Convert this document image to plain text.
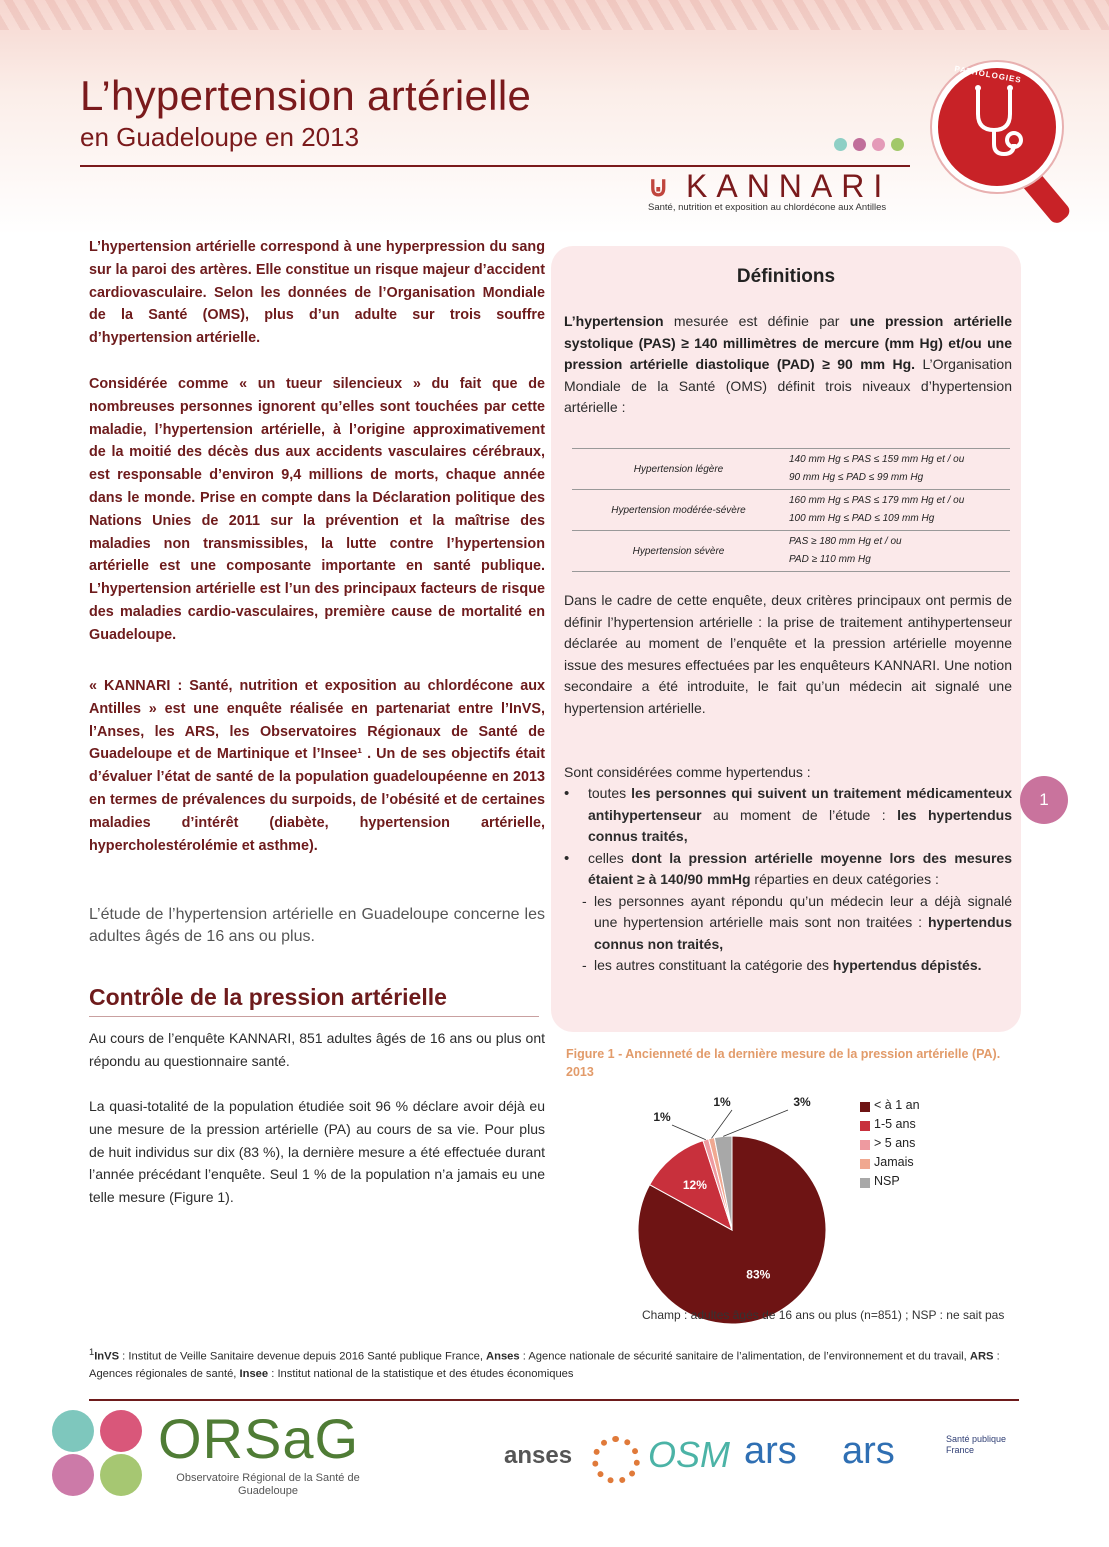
L’hypertension artérielle
en Guadeloupe en 2013
⊍ KANNARI
Santé, nutrition et exposition au chlordécone aux Antilles
PATHOLOGIES

L’hypertension artérielle correspond à une hyperpression du sang sur la paroi des artères. Elle constitue un risque majeur d’accident cardiovasculaire. Selon les données de l’Organisation Mondiale de la Santé (OMS), plus d’un adulte sur trois souffre d’hypertension artérielle.

Considérée comme « un tueur silencieux » du fait que de nombreuses personnes ignorent qu’elles sont touchées par cette maladie, l’hypertension artérielle, à l’origine approximativement de la moitié des décès dus aux accidents vasculaires cérébraux, est responsable d’environ 9,4 millions de morts, chaque année dans le monde. Prise en compte dans la Déclaration politique des Nations Unies de 2011 sur la prévention et la maîtrise des maladies non transmissibles, la lutte contre l’hypertension artérielle est une composante importante en santé publique. L’hypertension artérielle est l’un des principaux facteurs de risque des maladies cardio-vasculaires, première cause de mortalité en Guadeloupe.

« KANNARI : Santé, nutrition et exposition au chlordécone aux Antilles » est une enquête réalisée en partenariat entre l’InVS, l’Anses, les ARS, les Observatoires Régionaux de Santé de Guadeloupe et de Martinique et l’Insee¹ . Un de ses objectifs était d’évaluer l’état de santé de la population guadeloupéenne en 2013 en termes de prévalences du surpoids, de l’obésité et de certaines maladies d’intérêt (diabète, hypertension artérielle, hypercholestérolémie et asthme).

L’étude de l’hypertension artérielle en Guadeloupe concerne les adultes âgés de 16 ans ou plus.

Contrôle de la pression artérielle

Au cours de l’enquête KANNARI, 851 adultes âgés de 16 ans ou plus ont répondu au questionnaire santé.

La quasi-totalité de la population étudiée soit 96 % déclare avoir déjà eu une mesure de la pression artérielle (PA) au cours de sa vie. Pour plus de huit individus sur dix (83 %), la dernière mesure a été effectuée durant l’année précédant l’enquête. Seul 1 % de la population n’a jamais eu une telle mesure (Figure 1).

Définitions

L’hypertension mesurée est définie par une pression artérielle systolique (PAS) ≥ 140 millimètres de mercure (mm Hg) et/ou une pression artérielle diastolique (PAD) ≥ 90 mm Hg. L’Organisation Mondiale de la Santé (OMS) définit trois niveaux d’hypertension artérielle :

Hypertension légère	140 mm Hg ≤ PAS ≤ 159 mm Hg et / ou
90 mm Hg ≤ PAD ≤ 99 mm Hg

Hypertension modérée-sévère	160 mm Hg ≤ PAS ≤ 179 mm Hg et / ou
100 mm Hg ≤ PAD ≤ 109 mm Hg

Hypertension sévère	PAS ≥ 180 mm Hg et / ou
PAD ≥ 110 mm Hg

Dans le cadre de cette enquête, deux critères principaux ont permis de définir l’hypertension artérielle : la prise de traitement antihypertenseur déclarée au moment de l’enquête et la pression artérielle moyenne issue des mesures effectuées par les enquêteurs KANNARI. Une notion secondaire a été introduite, le fait qu’un médecin ait signalé une hypertension artérielle.

Sont considérées comme hypertendus :

• toutes les personnes qui suivent un traitement médicamenteux antihypertenseur au moment de l’étude : les hypertendus connus traités,
• celles dont la pression artérielle moyenne lors des mesures étaient ≥ à 140/90 mmHg réparties en deux catégories :
- les personnes ayant répondu qu’un médecin leur a déjà signalé une hypertension artérielle mais sont non traitées : hypertendus connus non traités,
- les autres constituant la catégorie des hypertendus dépistés.
1
Figure 1 - Ancienneté de la dernière mesure de la pression artérielle (PA). 2013
83%
12%
1%
1%	3%	< à 1 an
1-5 ans
> 5 ans
Jamais
NSP
Champ : adultes âgés de 16 ans ou plus (n=851) ; NSP : ne sait pas
$^1$InVS : Institut de Veille Sanitaire devenue depuis 2016 Santé publique France, Anses : Agence nationale de sécurité sanitaire de l’alimentation, de l’environnement et du travail, ARS : Agences régionales de santé, Insee : Institut national de la statistique et des études économiques
ORSaG
Observatoire Régional de la Santé de Guadeloupe
anses OSM ars ars	Santé publique France
